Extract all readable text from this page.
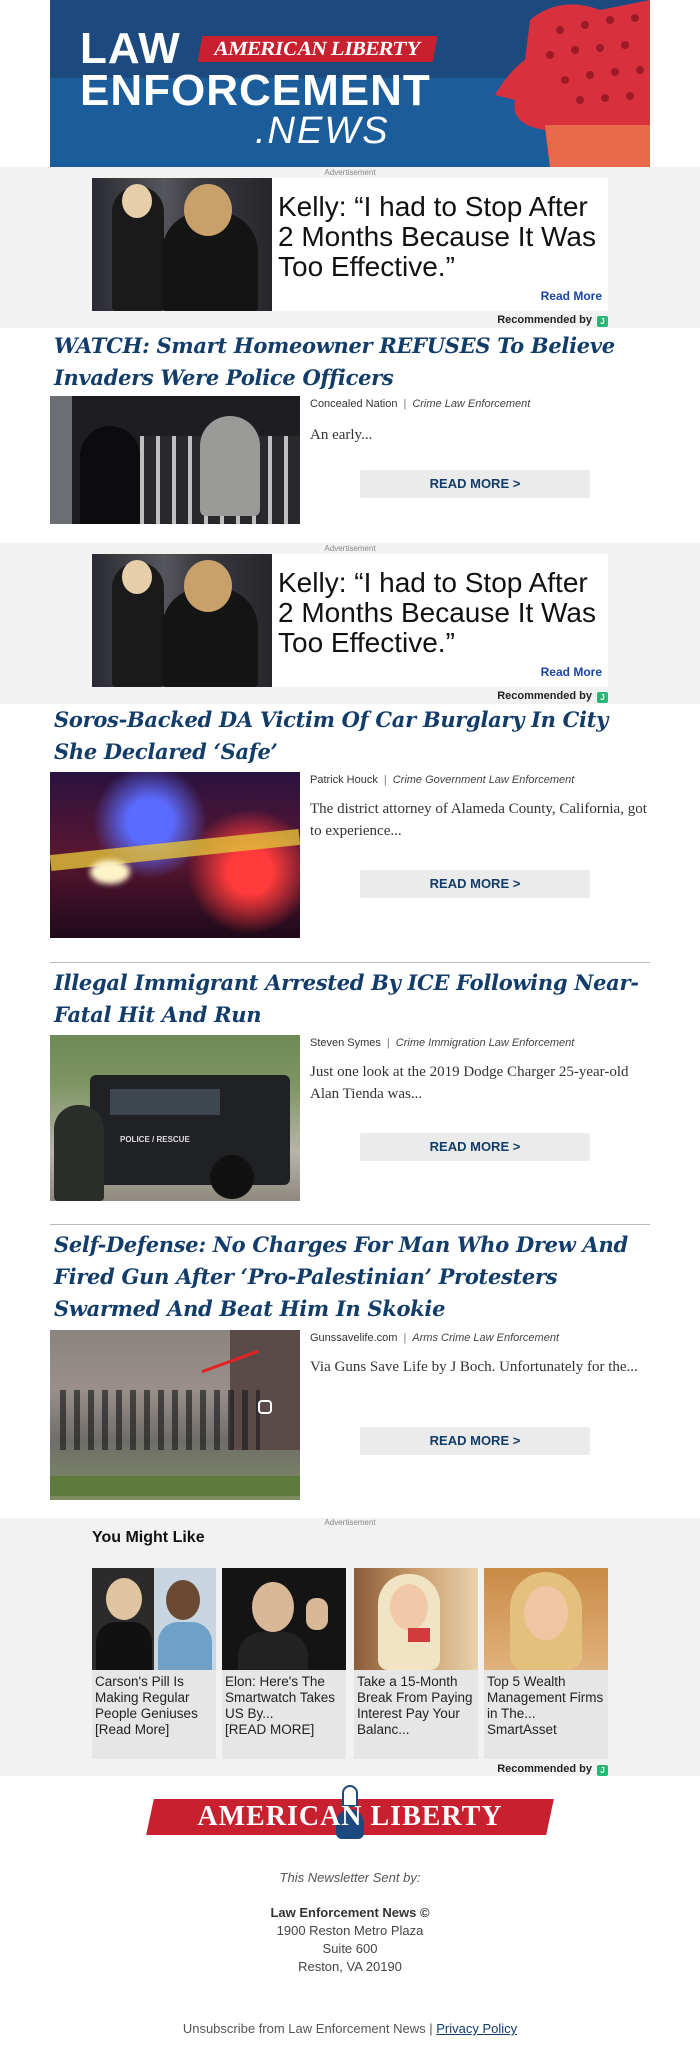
LAW
ENFORCEMENT
.NEWS
AMERICAN LIBERTY
Advertisement
Kelly: “I had to Stop After 2 Months Because It Was Too Effective.”
Read More
Recommended by J
WATCH: Smart Homeowner REFUSES To Believe Invaders Were Police Officers
Concealed Nation | Crime Law Enforcement
An early...
READ MORE >
Advertisement
Kelly: “I had to Stop After 2 Months Because It Was Too Effective.”
Read More
Recommended by J
Soros-Backed DA Victim Of Car Burglary In City She Declared ‘Safe’
Patrick Houck | Crime Government Law Enforcement
The district attorney of Alameda County, California, got to experience...
READ MORE >
Illegal Immigrant Arrested By ICE Following Near-Fatal Hit And Run
POLICE / RESCUE
Steven Symes | Crime Immigration Law Enforcement
Just one look at the 2019 Dodge Charger 25-year-old Alan Tienda was...
READ MORE >
Self-Defense: No Charges For Man Who Drew And Fired Gun After ‘Pro-Palestinian’ Protesters Swarmed And Beat Him In Skokie
Gunssavelife.com | Arms Crime Law Enforcement
Via Guns Save Life by J Boch. Unfortunately for the...
READ MORE >
Advertisement
You Might Like
Carson's Pill Is Making Regular People Geniuses
[Read More]
Elon: Here's The Smartwatch Takes US By...
[READ MORE]
Take a 15-Month Break From Paying Interest Pay Your Balanc...
Top 5 Wealth Management Firms in The...
SmartAsset
Recommended by J
AMERICAN LIBERTY
This Newsletter Sent by:
Law Enforcement News ©
1900 Reston Metro Plaza
Suite 600
Reston, VA 20190
Unsubscribe from Law Enforcement News | Privacy Policy
